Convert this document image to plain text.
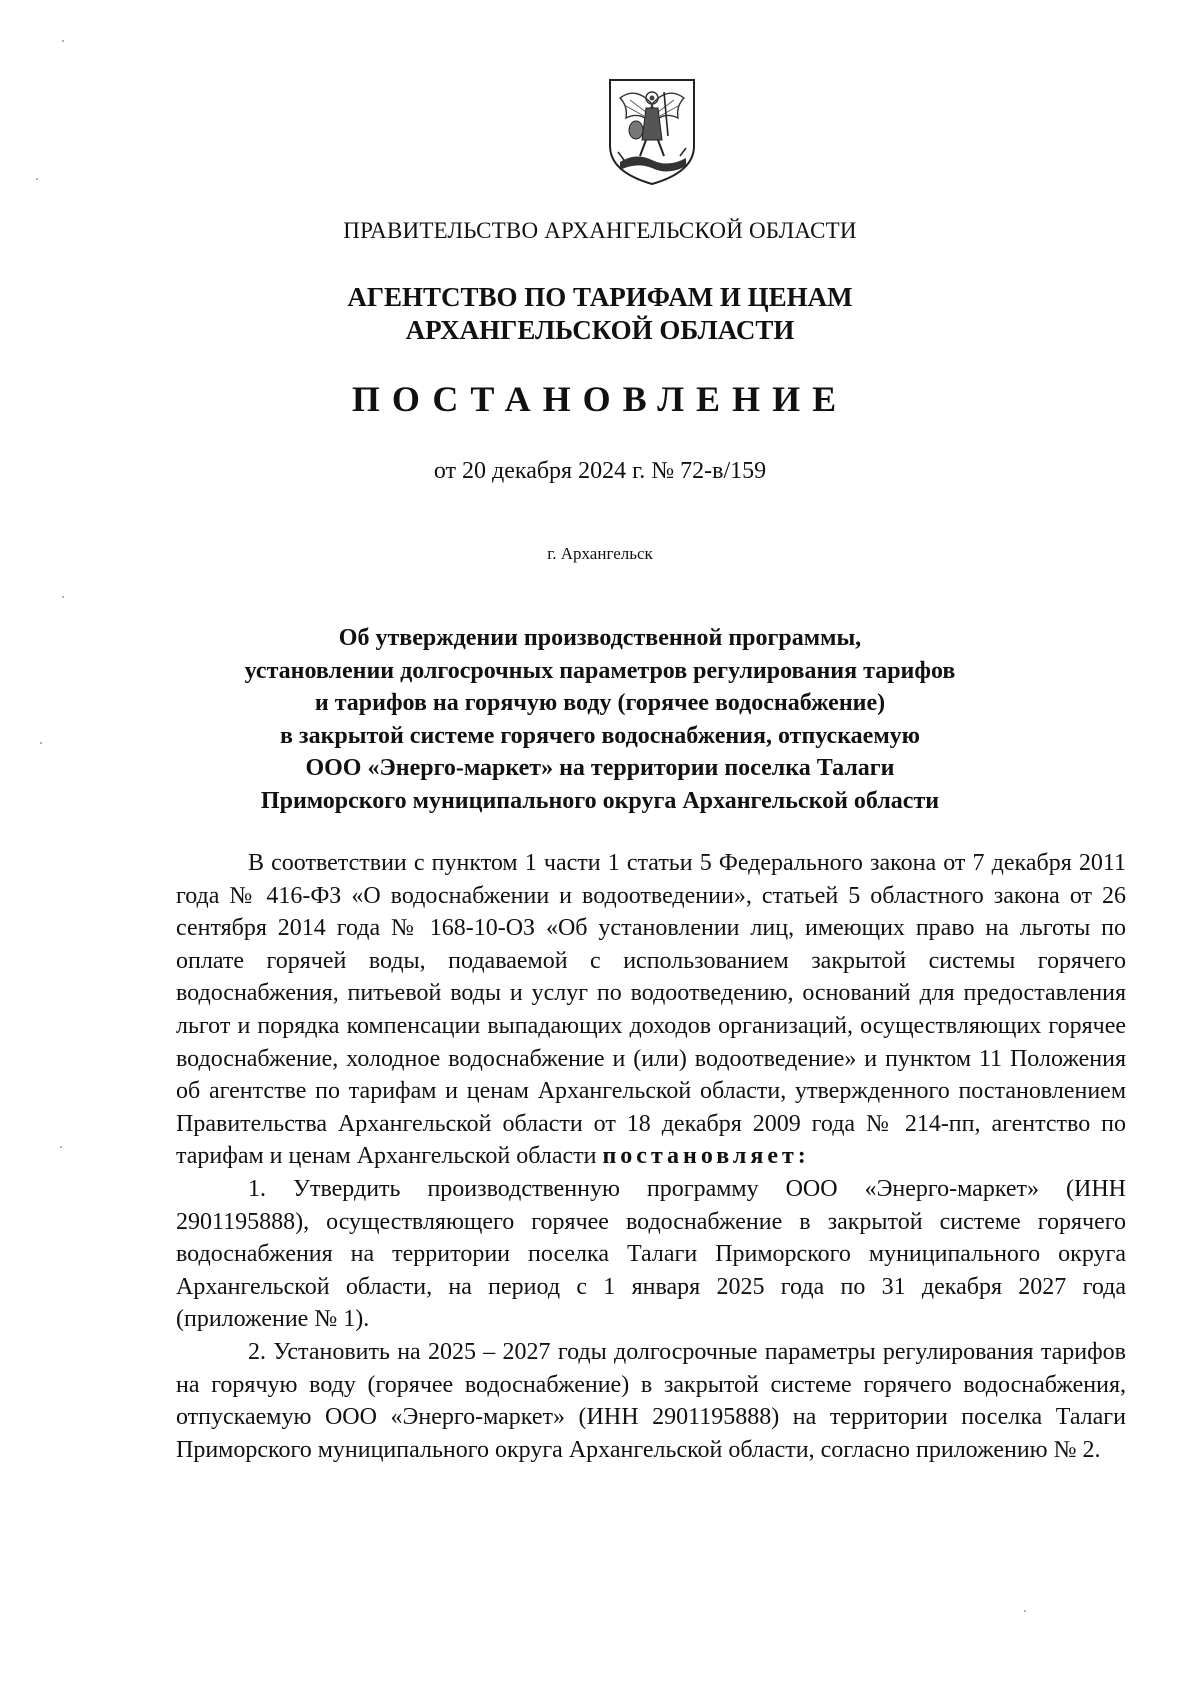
ПРАВИТЕЛЬСТВО АРХАНГЕЛЬСКОЙ ОБЛАСТИ
АГЕНТСТВО ПО ТАРИФАМ И ЦЕНАМ
АРХАНГЕЛЬСКОЙ ОБЛАСТИ
ПОСТАНОВЛЕНИЕ
от 20 декабря 2024 г. № 72-в/159
г. Архангельск
Об утверждении производственной программы,
установлении долгосрочных параметров регулирования тарифов
и тарифов на горячую воду (горячее водоснабжение)
в закрытой системе горячего водоснабжения, отпускаемую
ООО «Энерго-маркет» на территории поселка Талаги
Приморского муниципального округа Архангельской области

В соответствии с пунктом 1 части 1 статьи 5 Федерального закона от 7 декабря 2011 года № 416-ФЗ «О водоснабжении и водоотведении», статьей 5 областного закона от 26 сентября 2014 года № 168-10-ОЗ «Об установлении лиц, имеющих право на льготы по оплате горячей воды, подаваемой с использованием закрытой системы горячего водоснабжения, питьевой воды и услуг по водоотведению, оснований для предоставления льгот и порядка компенсации выпадающих доходов организаций, осуществляющих горячее водоснабжение, холодное водоснабжение и (или) водоотведение» и пунктом 11 Положения об агентстве по тарифам и ценам Архангельской области, утвержденного постановлением Правительства Архангельской области от 18 декабря 2009 года № 214-пп, агентство по тарифам и ценам Архангельской области постановляет:

1. Утвердить производственную программу ООО «Энерго-маркет» (ИНН 2901195888), осуществляющего горячее водоснабжение в закрытой системе горячего водоснабжения на территории поселка Талаги Приморского муниципального округа Архангельской области, на период с 1 января 2025 года по 31 декабря 2027 года (приложение № 1).

2. Установить на 2025 – 2027 годы долгосрочные параметры регулирования тарифов на горячую воду (горячее водоснабжение) в закрытой системе горячего водоснабжения, отпускаемую ООО «Энерго-маркет» (ИНН 2901195888) на территории поселка Талаги Приморского муниципального округа Архангельской области, согласно приложению № 2.
